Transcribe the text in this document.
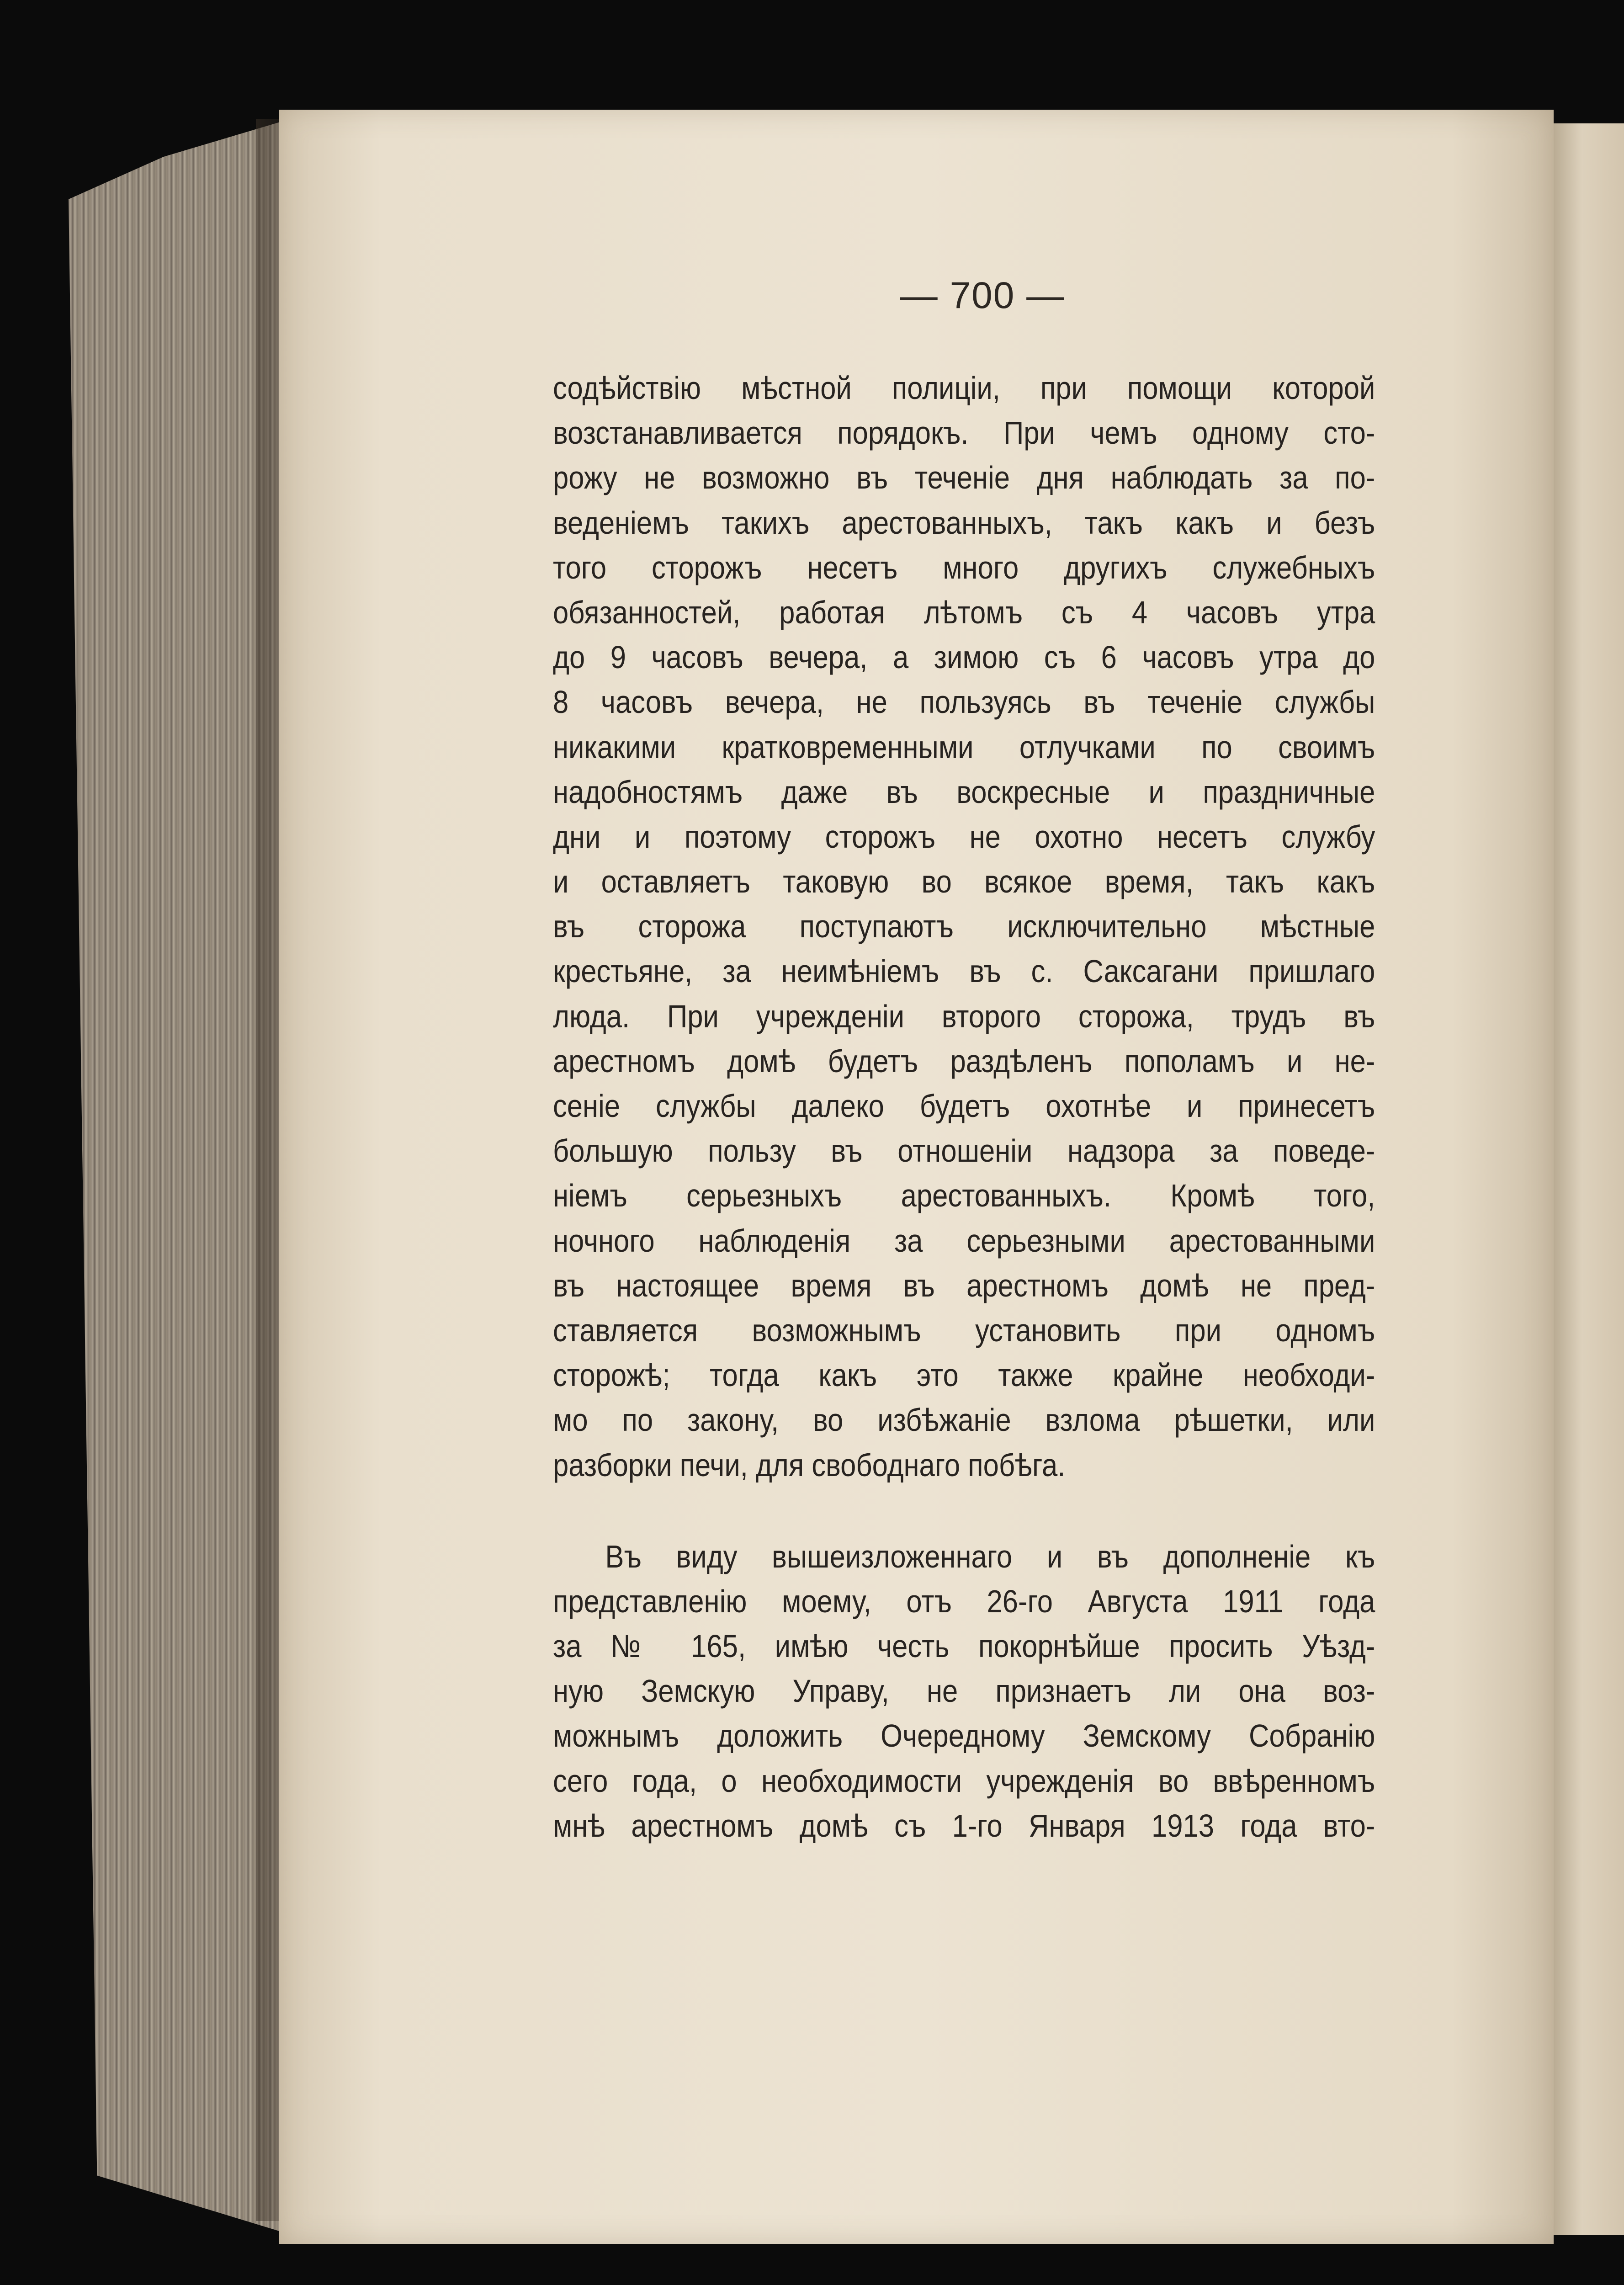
— 700 —
содѣйствію мѣстной полиціи, при помощи которой
возстанавливается порядокъ. При чемъ одному сто-
рожу не возможно въ теченіе дня наблюдать за по-
веденіемъ такихъ арестованныхъ, такъ какъ и безъ
того сторожъ несетъ много другихъ служебныхъ
обязанностей, работая лѣтомъ съ 4 часовъ утра
до 9 часовъ вечера, а зимою съ 6 часовъ утра до
8 часовъ вечера, не пользуясь въ теченіе службы
никакими кратковременными отлучками по своимъ
надобностямъ даже въ воскресные и праздничные
дни и поэтому сторожъ не охотно несетъ службу
и оставляетъ таковую во всякое время, такъ какъ
въ сторожа поступаютъ исключительно мѣстные
крестьяне, за неимѣніемъ въ с. Саксагани пришлаго
люда. При учрежденіи второго сторожа, трудъ въ
арестномъ домѣ будетъ раздѣленъ пополамъ и не-
сеніе службы далеко будетъ охотнѣе и принесетъ
большую пользу въ отношеніи надзора за поведе-
ніемъ серьезныхъ арестованныхъ. Кромѣ того,
ночного наблюденія за серьезными арестованными
въ настоящее время въ арестномъ домѣ не пред-
ставляется возможнымъ установить при одномъ
сторожѣ; тогда какъ это также крайне необходи-
мо по закону, во избѣжаніе взлома рѣшетки, или
разборки печи, для свободнаго побѣга.
Въ виду вышеизложеннаго и въ дополненіе къ
представленію моему, отъ 26-го Августа 1911 года
за № 165, имѣю честь покорнѣйше просить Уѣзд-
ную Земскую Управу, не признаетъ ли она воз-
можнымъ доложить Очередному Земскому Собранію
сего года, о необходимости учрежденія во ввѣренномъ
мнѣ арестномъ домѣ съ 1-го Января 1913 года вто-
